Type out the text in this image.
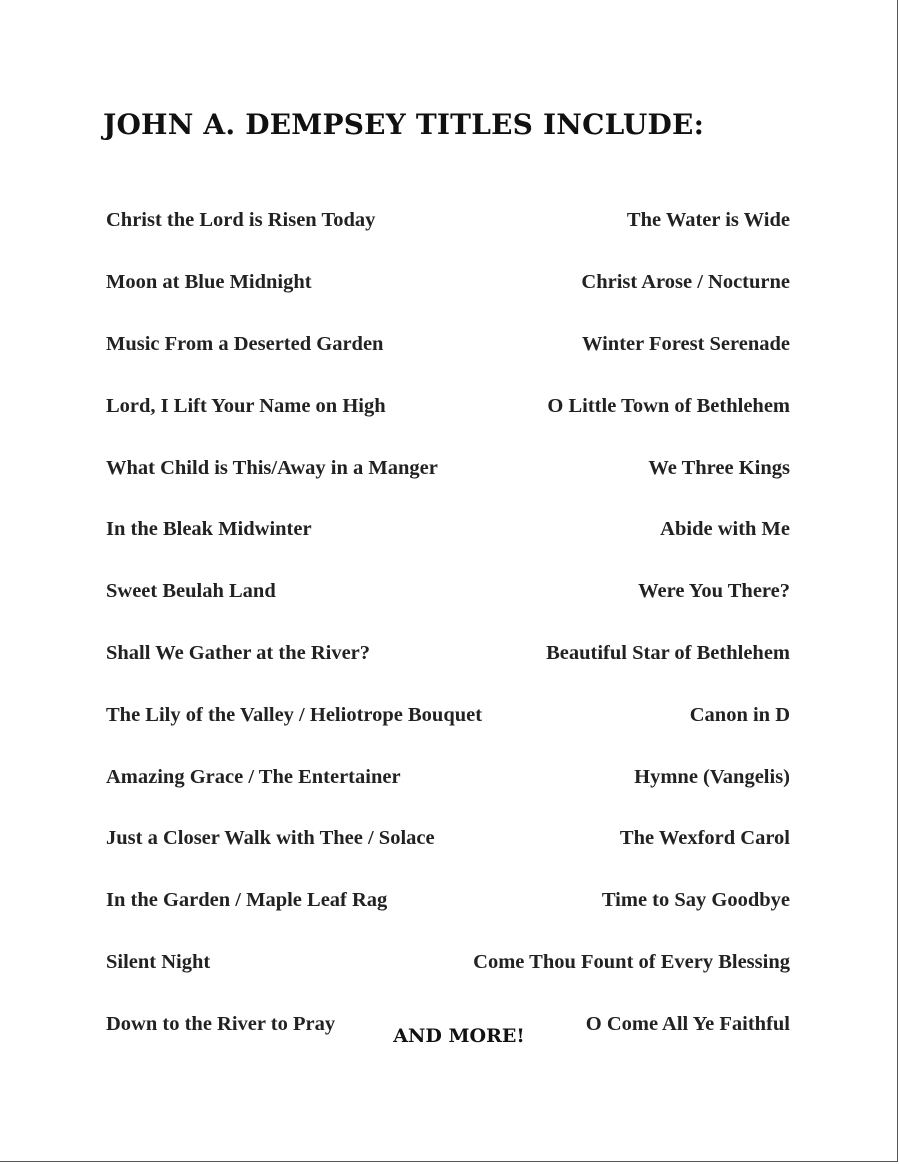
JOHN A. DEMPSEY TITLES INCLUDE:
Christ the Lord is Risen Today	The Water is Wide
Moon at Blue Midnight	Christ Arose / Nocturne
Music From a Deserted Garden	Winter Forest Serenade
Lord, I Lift Your Name on High	O Little Town of Bethlehem
What Child is This/Away in a Manger	We Three Kings
In the Bleak Midwinter	Abide with Me
Sweet Beulah Land	Were You There?
Shall We Gather at the River?	Beautiful Star of Bethlehem
The Lily of the Valley / Heliotrope Bouquet	Canon in D
Amazing Grace / The Entertainer	Hymne (Vangelis)
Just a Closer Walk with Thee / Solace	The Wexford Carol
In the Garden / Maple Leaf Rag	Time to Say Goodbye
Silent Night	Come Thou Fount of Every Blessing
Down to the River to Pray	O Come All Ye Faithful
AND MORE!
